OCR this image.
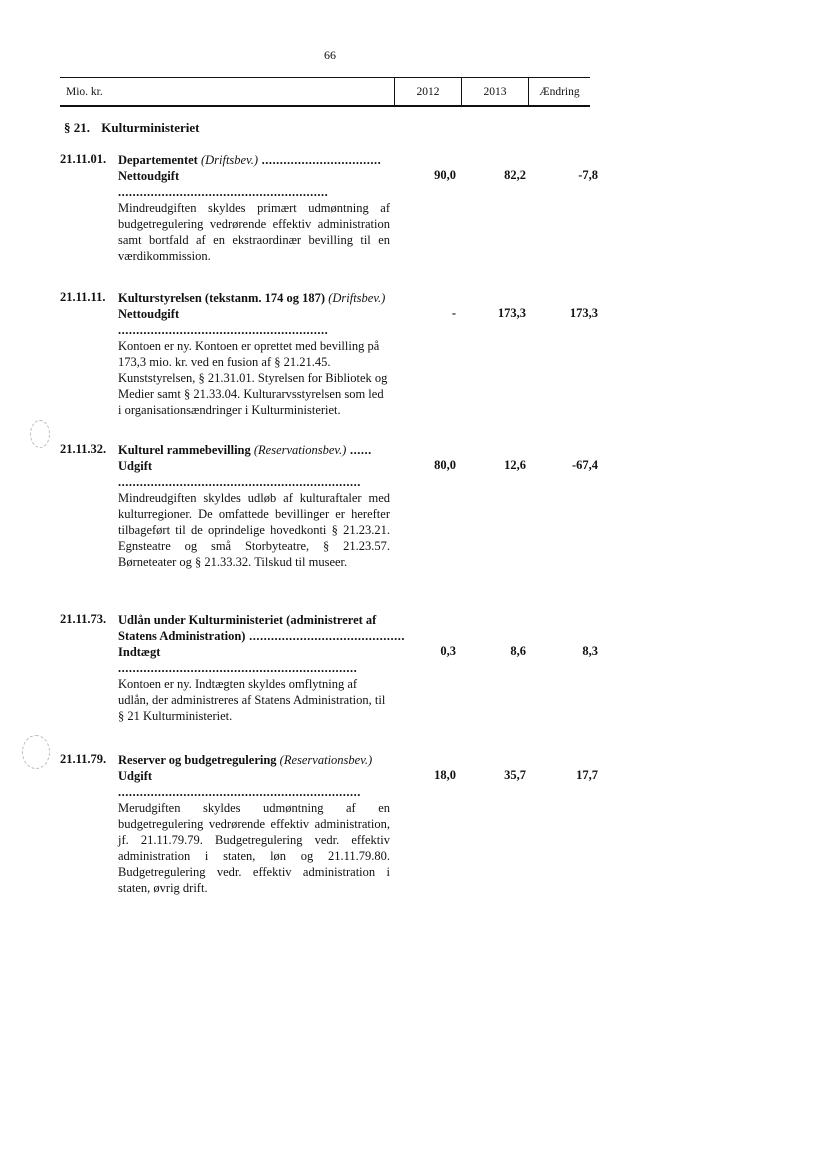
66
Mio. kr.	2012	2013	Ændring
§ 21. Kulturministeriet
21.11.01. Departementet (Driftsbev.) .................................
Nettoudgift ..........................................................

Mindreudgiften skyldes primært udmøntning af budgetregulering vedrørende effektiv administration samt bortfald af en ekstraordinær bevilling til en værdikommission.

90,0	82,2	-7,8
21.11.11.	Kulturstyrelsen (tekstanm. 174 og 187) (Driftsbev.)
Nettoudgift ..........................................................

Kontoen er ny. Kontoen er oprettet med bevilling på 173,3 mio. kr. ved en fusion af § 21.21.45. Kunststyrelsen, § 21.31.01. Styrelsen for Bibliotek og Medier samt § 21.33.04. Kulturarvsstyrelsen som led i organisationsændringer i Kulturministeriet.

-	173,3	173,3
21.11.32. Kulturel rammebevilling (Reservationsbev.) ......
Udgift ...................................................................

Mindreudgiften skyldes udløb af kulturaftaler med kulturregioner. De omfattede bevillinger er herefter tilbageført til de oprindelige hovedkonti § 21.23.21. Egnsteatre og små Storbyteatre, § 21.23.57. Børneteater og § 21.33.32. Tilskud til museer.

80,0	12,6	-67,4
21.11.73. Udlån under Kulturministeriet (administreret af Statens Administration) ...........................................
Indtægt ..................................................................

Kontoen er ny. Indtægten skyldes omflytning af udlån, der administreres af Statens Administration, til § 21 Kulturministeriet.

0,3	8,6	8,3
21.11.79. Reserver og budgetregulering (Reservationsbev.)
Udgift ...................................................................

Merudgiften skyldes udmøntning af en budgetregulering vedrørende effektiv administration, jf. 21.11.79.79. Budgetregulering vedr. effektiv administration i staten, løn og 21.11.79.80. Budgetregulering vedr. effektiv administration i staten, øvrig drift.

18,0	35,7	17,7
